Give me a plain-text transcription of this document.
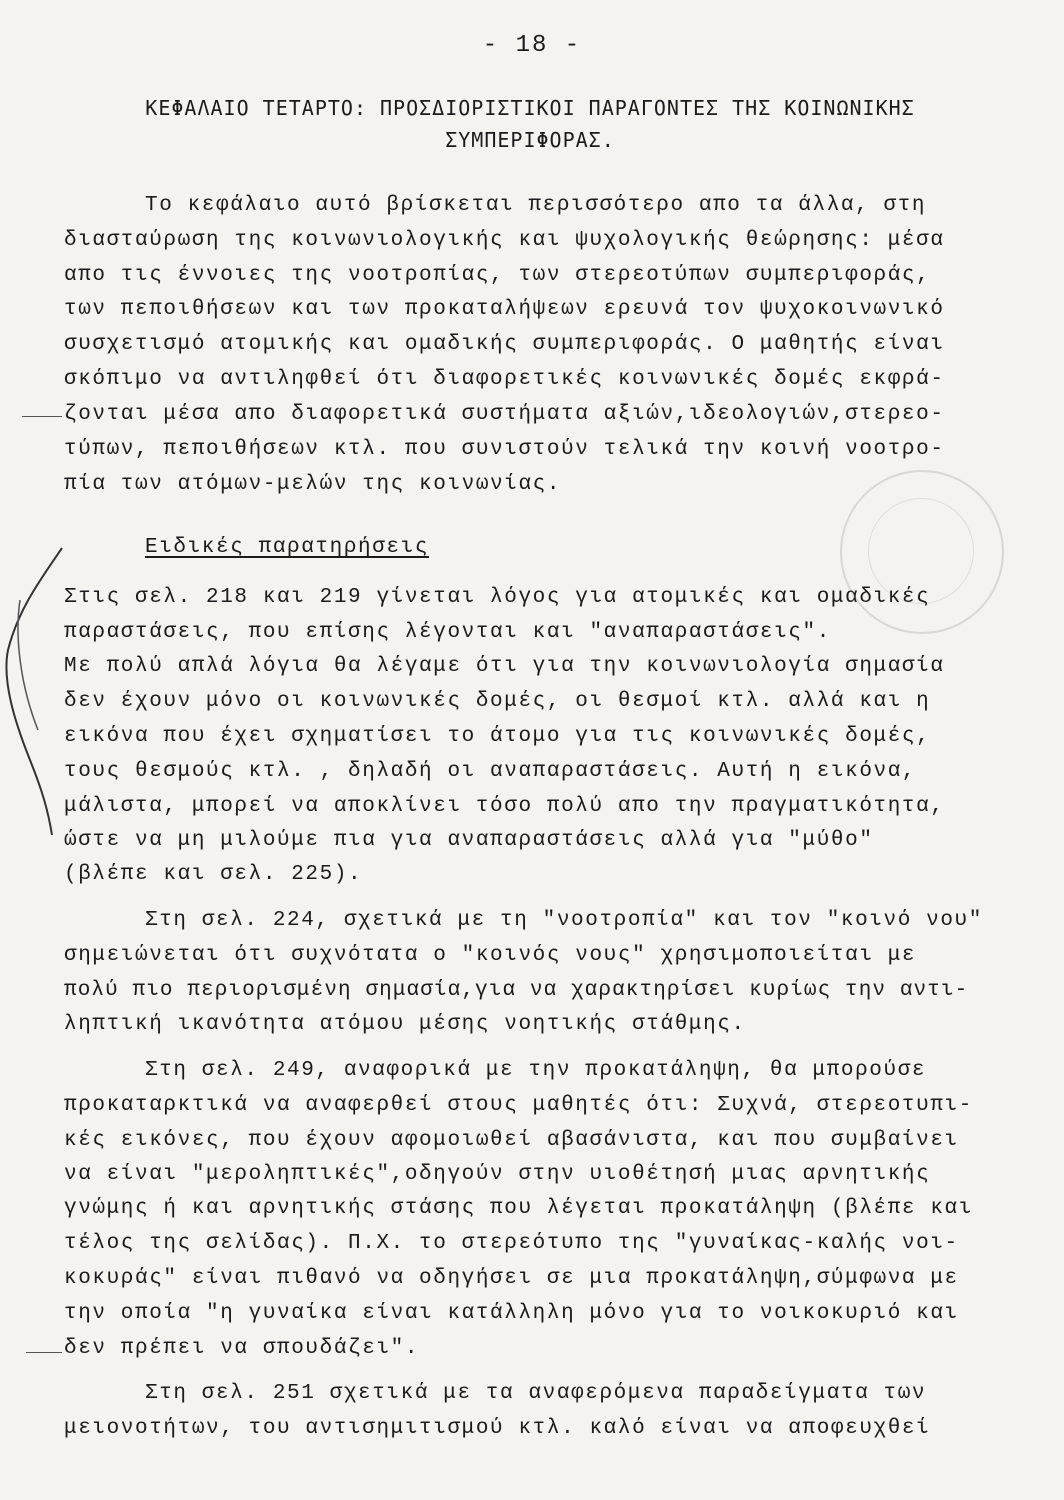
- 18 -
ΚΕΦΑΛΑΙΟ ΤΕΤΑΡΤΟ: ΠΡΟΣΔΙΟΡΙΣΤΙΚΟΙ ΠΑΡΑΓΟΝΤΕΣ ΤΗΣ ΚΟΙΝΩΝΙΚΗΣ
ΣΥΜΠΕΡΙΦΟΡΑΣ.
Το κεφάλαιο αυτό βρίσκεται περισσότερο απο τα άλλα, στη
διασταύρωση της κοινωνιολογικής και ψυχολογικής θεώρησης: μέσα
απο τις έννοιες της νοοτροπίας, των στερεοτύπων συμπεριφοράς,
των πεποιθήσεων και των προκαταλήψεων ερευνά τον ψυχοκοινωνικό
συσχετισμό ατομικής και ομαδικής συμπεριφοράς. Ο μαθητής είναι
σκόπιμο να αντιληφθεί ότι διαφορετικές κοινωνικές δομές εκφρά-
ζονται μέσα απο διαφορετικά συστήματα αξιών,ιδεολογιών,στερεο-
τύπων, πεποιθήσεων κτλ. που συνιστούν τελικά την κοινή νοοτρο-
πία των ατόμων-μελών της κοινωνίας.
Ειδικές παρατηρήσεις
Στις σελ. 218 και 219 γίνεται λόγος για ατομικές και ομαδικές
παραστάσεις, που επίσης λέγονται και "αναπαραστάσεις".
Με πολύ απλά λόγια θα λέγαμε ότι για την κοινωνιολογία σημασία
δεν έχουν μόνο οι κοινωνικές δομές, οι θεσμοί κτλ. αλλά και η
εικόνα που έχει σχηματίσει το άτομο για τις κοινωνικές δομές,
τους θεσμούς κτλ. , δηλαδή οι αναπαραστάσεις. Αυτή η εικόνα,
μάλιστα, μπορεί να αποκλίνει τόσο πολύ απο την πραγματικότητα,
ώστε να μη μιλούμε πια για αναπαραστάσεις αλλά για "μύθο"
(βλέπε και σελ. 225).
Στη σελ. 224, σχετικά με τη "νοοτροπία" και τον "κοινό νου"
σημειώνεται ότι συχνότατα ο "κοινός νους" χρησιμοποιείται με
πολύ πιο περιορισμένη σημασία,για να χαρακτηρίσει κυρίως την αντι-
ληπτική ικανότητα ατόμου μέσης νοητικής στάθμης.
Στη σελ. 249, αναφορικά με την προκατάληψη, θα μπορούσε
προκαταρκτικά να αναφερθεί στους μαθητές ότι: Συχνά, στερεοτυπι-
κές εικόνες, που έχουν αφομοιωθεί αβασάνιστα, και που συμβαίνει
να είναι "μεροληπτικές",οδηγούν στην υιοθέτησή μιας αρνητικής
γνώμης ή και αρνητικής στάσης που λέγεται προκατάληψη (βλέπε και
τέλος της σελίδας). Π.Χ. το στερεότυπο της "γυναίκας-καλής νοι-
κοκυράς" είναι πιθανό να οδηγήσει σε μια προκατάληψη,σύμφωνα με
την οποία "η γυναίκα είναι κατάλληλη μόνο για το νοικοκυριό και
δεν πρέπει να σπουδάζει".
Στη σελ. 251 σχετικά με τα αναφερόμενα παραδείγματα των
μειονοτήτων, του αντισημιτισμού κτλ. καλό είναι να αποφευχθεί
